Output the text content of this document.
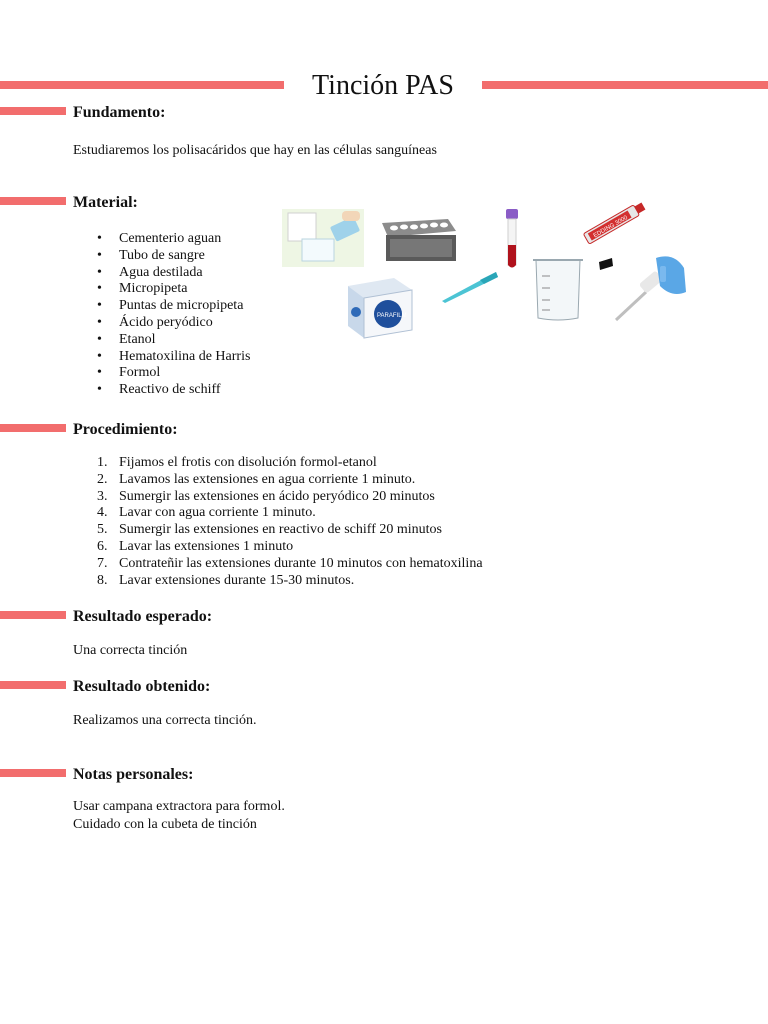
Tinción PAS
Fundamento:
Estudiaremos los polisacáridos que hay en las células sanguíneas
Material:
• Cementerio aguan
• Tubo de sangre
• Agua destilada
• Micropipeta
• Puntas de micropipeta
• Ácido peryódico
• Etanol
• Hematoxilina de Harris
• Formol
• Reactivo de schiff
EDDING 3000
PARAFILM
Procedimiento:
1. Fijamos el frotis con disolución formol-etanol
2. Lavamos las extensiones en agua corriente 1 minuto.
3. Sumergir las extensiones en ácido peryódico 20 minutos
4. Lavar con agua corriente 1 minuto.
5. Sumergir las extensiones en reactivo de schiff 20 minutos
6. Lavar las extensiones 1 minuto
7. Contrateñir las extensiones durante 10 minutos con hematoxilina
8. Lavar extensiones durante 15-30 minutos.
Resultado esperado:
Una correcta tinción
Resultado obtenido:
Realizamos una correcta tinción.
Notas personales:
Usar campana extractora para formol.
Cuidado con la cubeta de tinción
